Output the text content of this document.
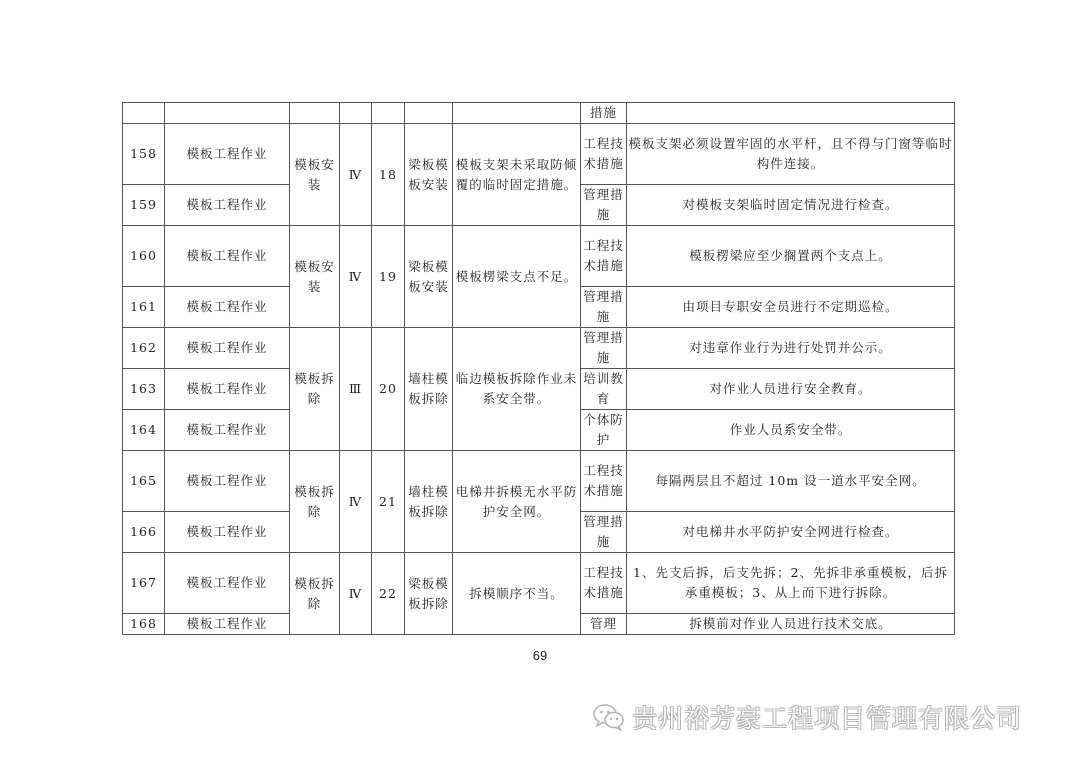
							措施	
158	模板工程作业	模板安装	Ⅳ	18	梁板模板安装	模板支架未采取防倾覆的临时固定措施。	工程技术措施	模板支架必须设置牢固的水平杆，且不得与门窗等临时构件连接。
159	模板工程作业						管理措施	对模板支架临时固定情况进行检查。
160	模板工程作业	模板安装	Ⅳ	19	梁板模板安装	模板楞梁支点不足。	工程技术措施	模板楞梁应至少搁置两个支点上。
161	模板工程作业						管理措施	由项目专职安全员进行不定期巡检。
162	模板工程作业	模板拆除	Ⅲ	20	墙柱模板拆除	临边模板拆除作业未系安全带。	管理措施	对违章作业行为进行处罚并公示。
163	模板工程作业						培训教育	对作业人员进行安全教育。
164	模板工程作业						个体防护	作业人员系安全带。
165	模板工程作业	模板拆除	Ⅳ	21	墙柱模板拆除	电梯井拆模无水平防护安全网。	工程技术措施	每隔两层且不超过 10m 设一道水平安全网。
166	模板工程作业						管理措施	对电梯井水平防护安全网进行检查。
167	模板工程作业	模板拆除	Ⅳ	22	梁板模板拆除	拆模顺序不当。	工程技术措施	1、先支后拆，后支先拆；2、先拆非承重模板，后拆承重模板；3、从上而下进行拆除。
168	模板工程作业						管理	拆模前对作业人员进行技术交底。
69
贵州裕芳豪工程项目管理有限公司
